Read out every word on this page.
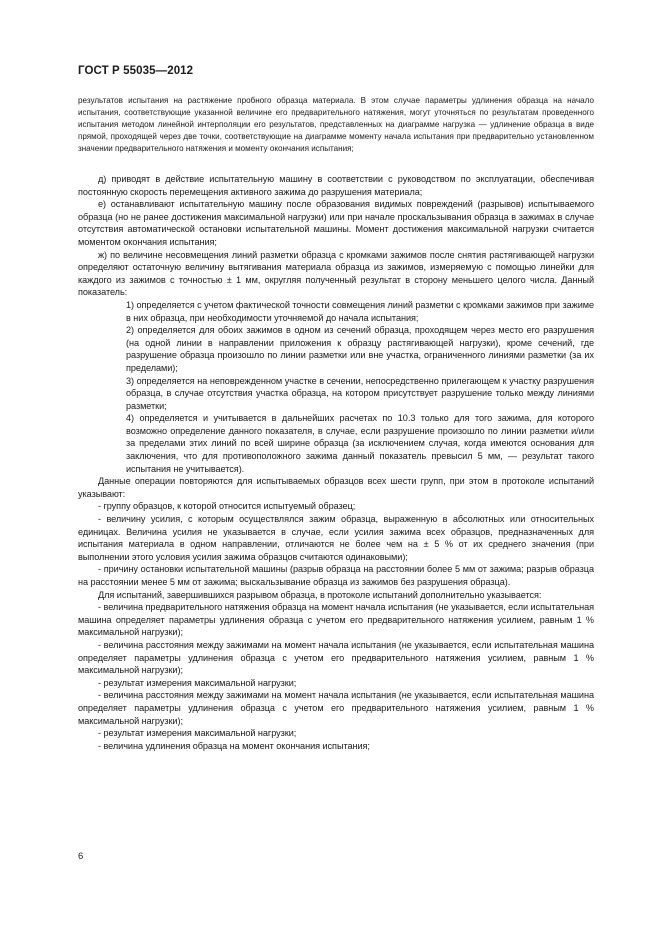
ГОСТ Р 55035—2012

результатов испытания на растяжение пробного образца материала. В этом случае параметры удлинения образца на начало испытания, соответствующие указанной величине его предварительного натяжения, могут уточняться по результатам проведенного испытания методом линейной интерполяции его результатов, представленных на диаграмме нагрузка — удлинение образца в виде прямой, проходящей через две точки, соответствующие на диаграмме моменту начала испытания при предварительно установленном значении предварительного натяжения и моменту окончания испытания;

д) приводят в действие испытательную машину в соответствии с руководством по эксплуатации, обеспечивая постоянную скорость перемещения активного зажима до разрушения материала;

е) останавливают испытательную машину после образования видимых повреждений (разрывов) испытываемого образца (но не ранее достижения максимальной нагрузки) или при начале проскальзывания образца в зажимах в случае отсутствия автоматической остановки испытательной машины. Момент достижения максимальной нагрузки считается моментом окончания испытания;

ж) по величине несовмещения линий разметки образца с кромками зажимов после снятия растягивающей нагрузки определяют остаточную величину вытягивания материала образца из зажимов, измеряемую с помощью линейки для каждого из зажимов с точностью ± 1 мм, округляя полученный результат в сторону меньшего целого числа. Данный показатель:

1) определяется с учетом фактической точности совмещения линий разметки с кромками зажимов при зажиме в них образца, при необходимости уточняемой до начала испытания;

2) определяется для обоих зажимов в одном из сечений образца, проходящем через место его разрушения (на одной линии в направлении приложения к образцу растягивающей нагрузки), кроме сечений, где разрушение образца произошло по линии разметки или вне участка, ограниченного линиями разметки (за их пределами);

3) определяется на неповрежденном участке в сечении, непосредственно прилегающем к участку разрушения образца, в случае отсутствия участка образца, на котором присутствует разрушение только между линиями разметки;

4) определяется и учитывается в дальнейших расчетах по 10.3 только для того зажима, для которого возможно определение данного показателя, в случае, если разрушение произошло по линии разметки и/или за пределами этих линий по всей ширине образца (за исключением случая, когда имеются основания для заключения, что для противоположного зажима данный показатель превысил 5 мм, — результат такого испытания не учитывается).

Данные операции повторяются для испытываемых образцов всех шести групп, при этом в протоколе испытаний указывают:

- группу образцов, к которой относится испытуемый образец;

- величину усилия, с которым осуществлялся зажим образца, выраженную в абсолютных или относительных единицах. Величина усилия не указывается в случае, если усилия зажима всех образцов, предназначенных для испытания материала в одном направлении, отличаются не более чем на ± 5 % от их среднего значения (при выполнении этого условия усилия зажима образцов считаются одинаковыми);

- причину остановки испытательной машины (разрыв образца на расстоянии более 5 мм от зажима; разрыв образца на расстоянии менее 5 мм от зажима; выскальзывание образца из зажимов без разрушения образца).

Для испытаний, завершившихся разрывом образца, в протоколе испытаний дополнительно указывается:

- величина предварительного натяжения образца на момент начала испытания (не указывается, если испытательная машина определяет параметры удлинения образца с учетом его предварительного натяжения усилием, равным 1 % максимальной нагрузки);

- величина расстояния между зажимами на момент начала испытания (не указывается, если испытательная машина определяет параметры удлинения образца с учетом его предварительного натяжения усилием, равным 1 % максимальной нагрузки);

- результат измерения максимальной нагрузки;

- величина расстояния между зажимами на момент начала испытания (не указывается, если испытательная машина определяет параметры удлинения образца с учетом его предварительного натяжения усилием, равным 1 % максимальной нагрузки);

- результат измерения максимальной нагрузки;

- величина удлинения образца на момент окончания испытания;

6
